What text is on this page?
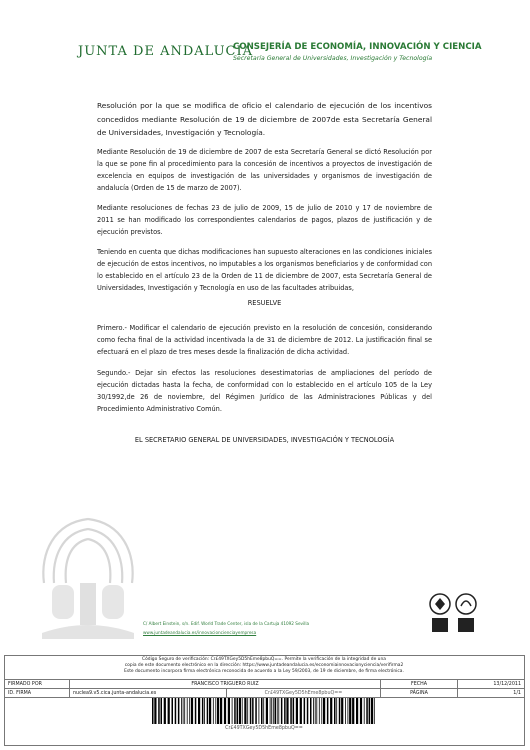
JUNTA DE ANDALUCIA
CONSEJERÍA DE ECONOMÍA, INNOVACIÓN Y CIENCIA
Secretaría General de Universidades, Investigación y Tecnología
Resolución por la que se modifica de oficio el calendario de ejecución de los incentivos concedidos mediante Resolución de 19 de diciembre de 2007de esta Secretaría General de Universidades, Investigación y Tecnología.
Mediante Resolución de 19 de diciembre de 2007 de esta Secretaría General se dictó Resolución por la que se pone fin al procedimiento para la concesión de incentivos a proyectos de investigación de excelencia en equipos de investigación de las universidades y organismos de investigación de andalucía (Orden de 15 de marzo de 2007).
Mediante resoluciones de fechas 23 de julio de 2009, 15 de julio de 2010 y 17 de noviembre de 2011 se han modificado los correspondientes calendarios de pagos, plazos de justificación y de ejecución previstos.
Teniendo en cuenta que dichas modificaciones han supuesto alteraciones en las condiciones iniciales de ejecución de estos incentivos, no imputables a los organismos beneficiarios y de conformidad con lo establecido en el artículo 23 de la Orden de 11 de diciembre de 2007, esta Secretaría General de Universidades, Investigación y Tecnología en uso de las facultades atribuidas,
RESUELVE
Primero.- Modificar el calendario de ejecución previsto en la resolución de concesión, considerando como fecha final de la actividad incentivada la de 31 de diciembre de 2012. La justificación final se efectuará en el plazo de tres meses desde la finalización de dicha actividad.
Segundo.- Dejar sin efectos las resoluciones desestimatorias de ampliaciones del período de ejecución dictadas hasta la fecha, de conformidad con lo establecido en el artículo 105 de la Ley 30/1992,de 26 de noviembre, del Régimen Jurídico de las Administraciones Públicas y del Procedimiento Administrativo Común.
EL SECRETARIO GENERAL DE UNIVERSIDADES, INVESTIGACIÓN Y TECNOLOGÍA
C/ Albert Einstein, s/n. Edif. World Trade Center, isla de la Cartuja 41092 Sevilla
www.juntadeandalucia.es/innovacioncienciayempresa
Código Seguro de verificación: Cr£49TXGey5D5hEme8pbuQ==. Permite la verificación de la integridad de una
copia de este documento electrónico en la dirección: https://www.juntadeandalucia.es/economiainnovacionyciencia/verifirma2
Este documento incorpora firma electrónica reconocida de acuerdo a la Ley 59/2003, de 19 de diciembre, de firma electrónica.
FIRMADO POR	FRANCISCO TRIGUERO RUIZ		FECHA	13/12/2011
ID. FIRMA	nuclea9.v5.cica.junta-andalucia.es	Cr£49TXGey5D5hEme8pbuQ==	PÁGINA	1/1
Cr£49TXGey5D5hEme8pbuQ==
